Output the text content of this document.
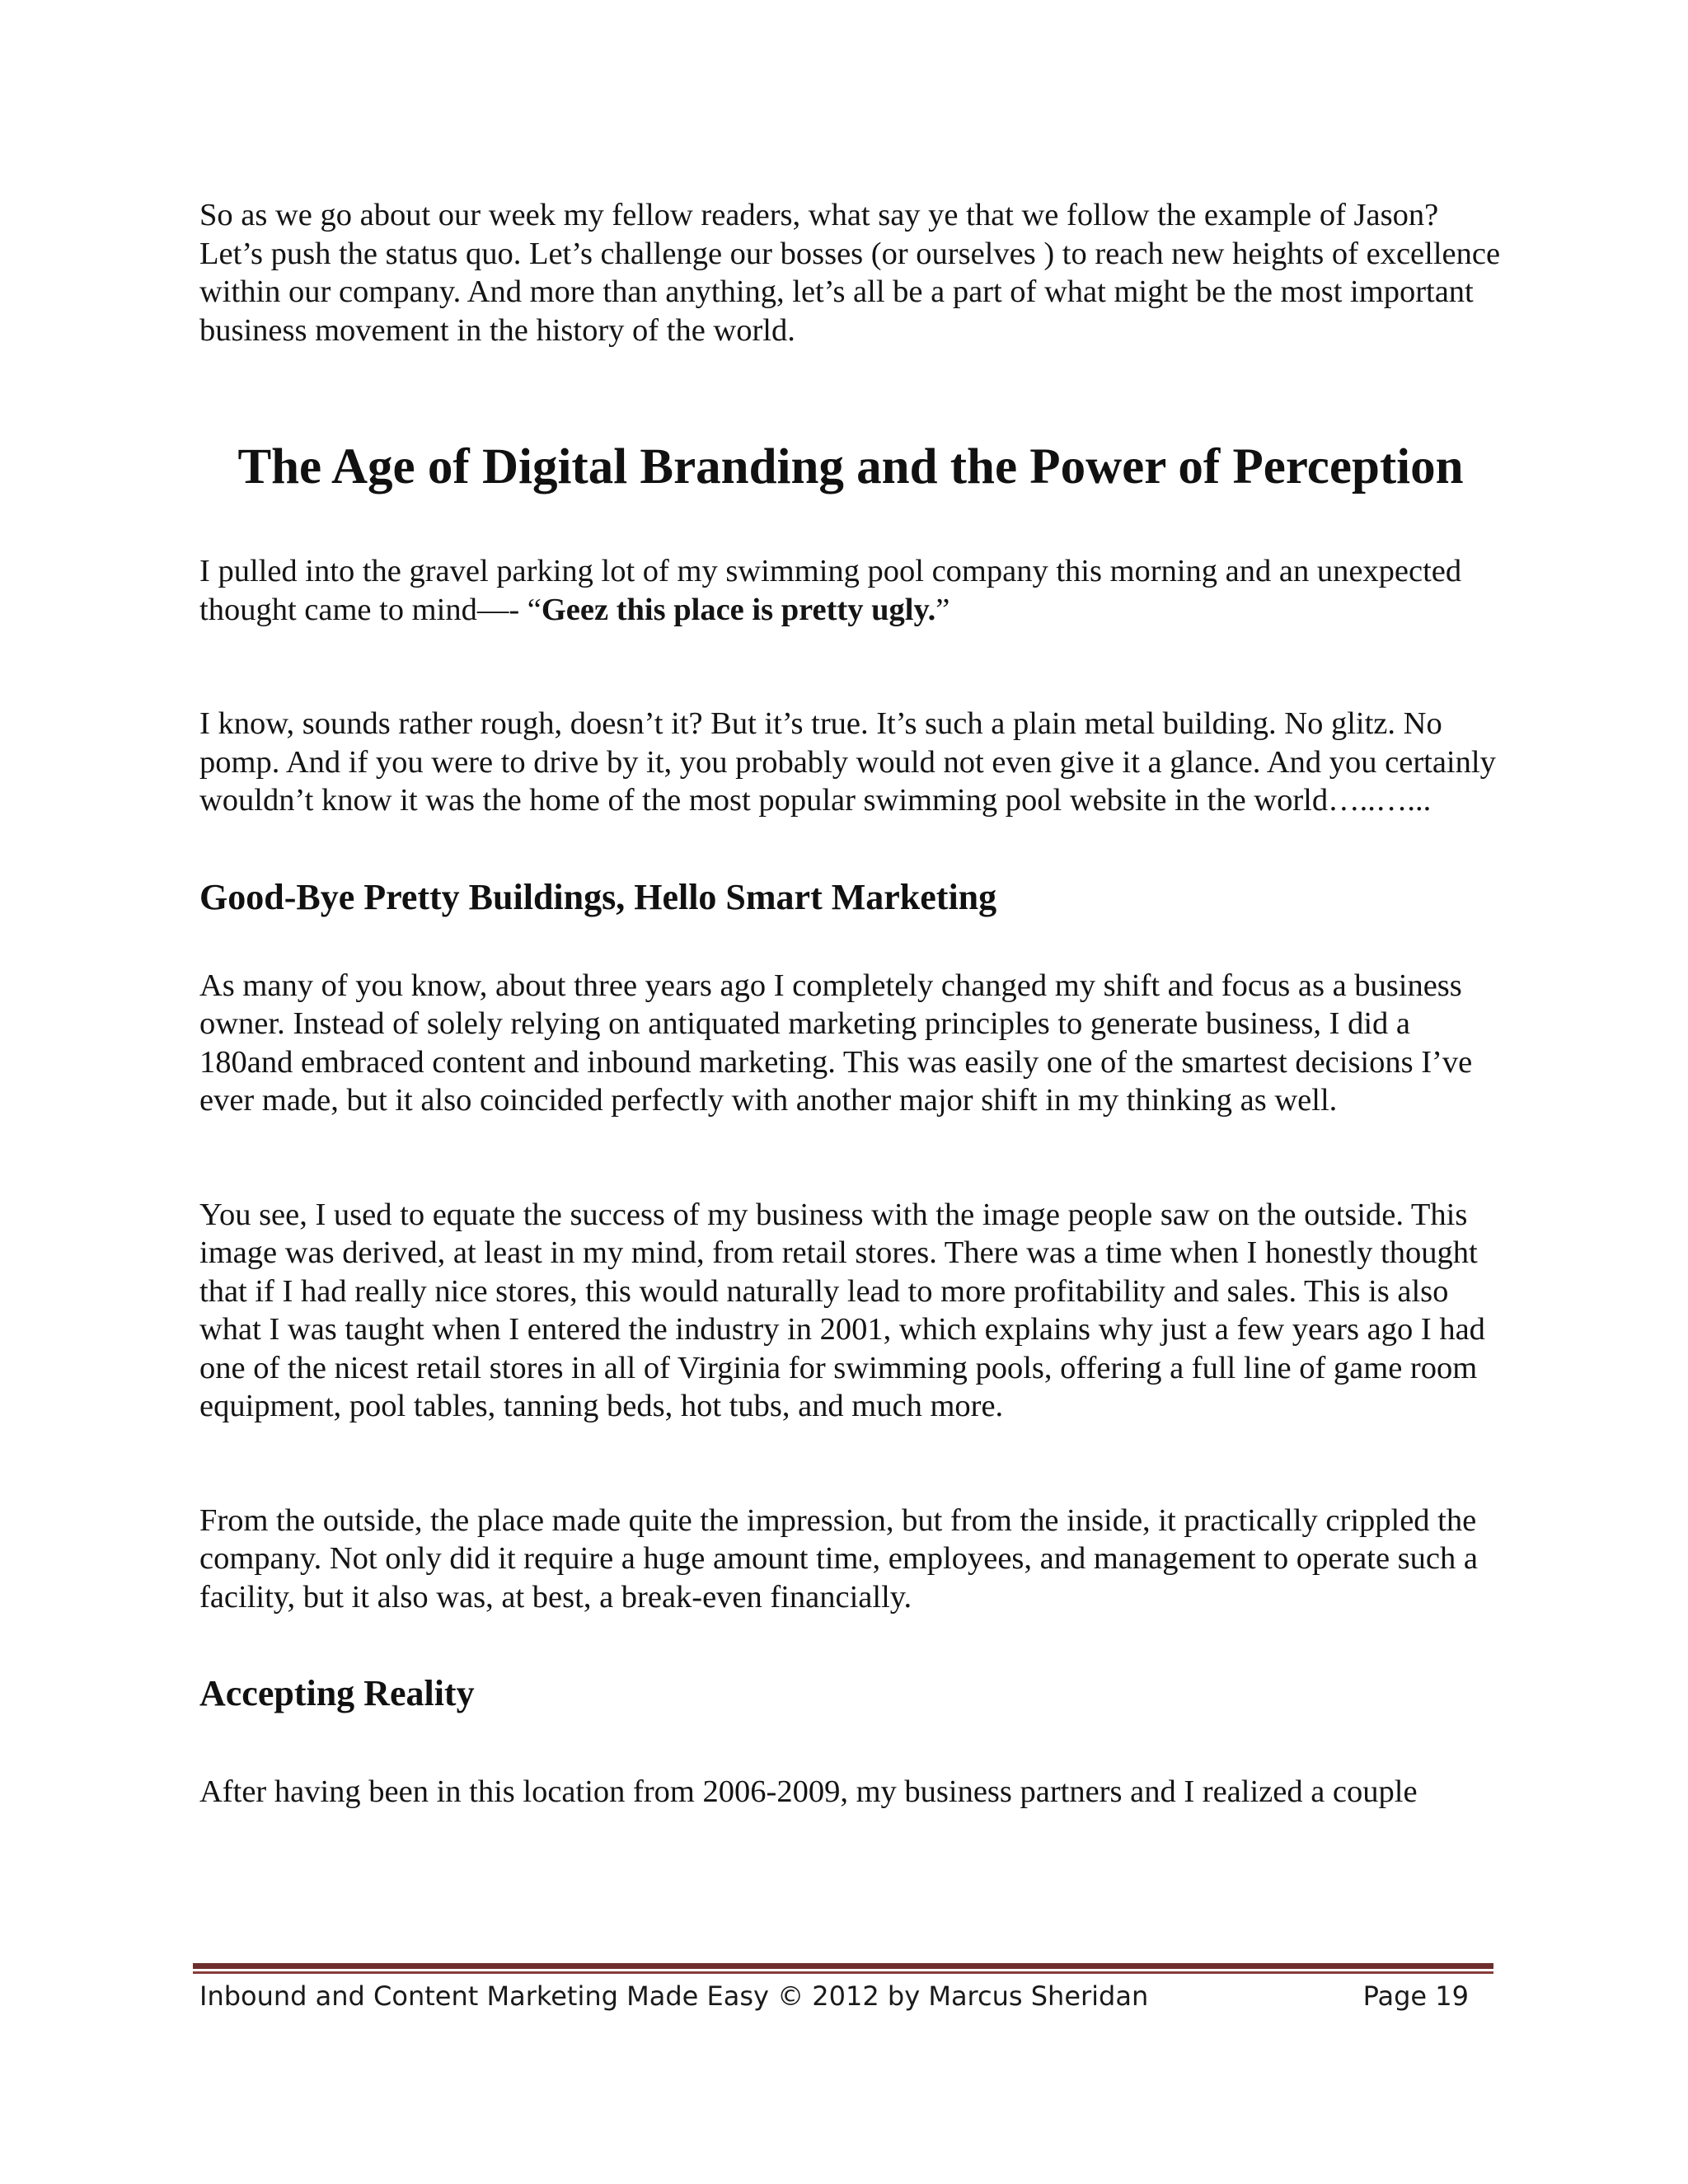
So as we go about our week my fellow readers, what say ye that we follow the example of Jason? Let’s push the status quo. Let’s challenge our bosses (or ourselves ) to reach new heights of excellence within our company. And more than anything, let’s all be a part of what might be the most important business movement in the history of the world.

The Age of Digital Branding and the Power of Perception

I pulled into the gravel parking lot of my swimming pool company this morning and an unexpected thought came to mind—- “Geez this place is pretty ugly.”

I know, sounds rather rough, doesn’t it? But it’s true. It’s such a plain metal building. No glitz. No pomp. And if you were to drive by it, you probably would not even give it a glance. And you certainly wouldn’t know it was the home of the most popular swimming pool website in the world…..…...

Good-Bye Pretty Buildings, Hello Smart Marketing

As many of you know, about three years ago I completely changed my shift and focus as a business owner. Instead of solely relying on antiquated marketing principles to generate business, I did a 180and embraced content and inbound marketing. This was easily one of the smartest decisions I’ve ever made, but it also coincided perfectly with another major shift in my thinking as well.

You see, I used to equate the success of my business with the image people saw on the outside. This image was derived, at least in my mind, from retail stores. There was a time when I honestly thought that if I had really nice stores, this would naturally lead to more profitability and sales. This is also what I was taught when I entered the industry in 2001, which explains why just a few years ago I had one of the nicest retail stores in all of Virginia for swimming pools, offering a full line of game room equipment, pool tables, tanning beds, hot tubs, and much more.

From the outside, the place made quite the impression, but from the inside, it practically crippled the company. Not only did it require a huge amount time, employees, and management to operate such a facility, but it also was, at best, a break-even financially.

Accepting Reality

After having been in this location from 2006-2009, my business partners and I realized a couple

Inbound and Content Marketing Made Easy © 2012 by Marcus Sheridan	Page 19
